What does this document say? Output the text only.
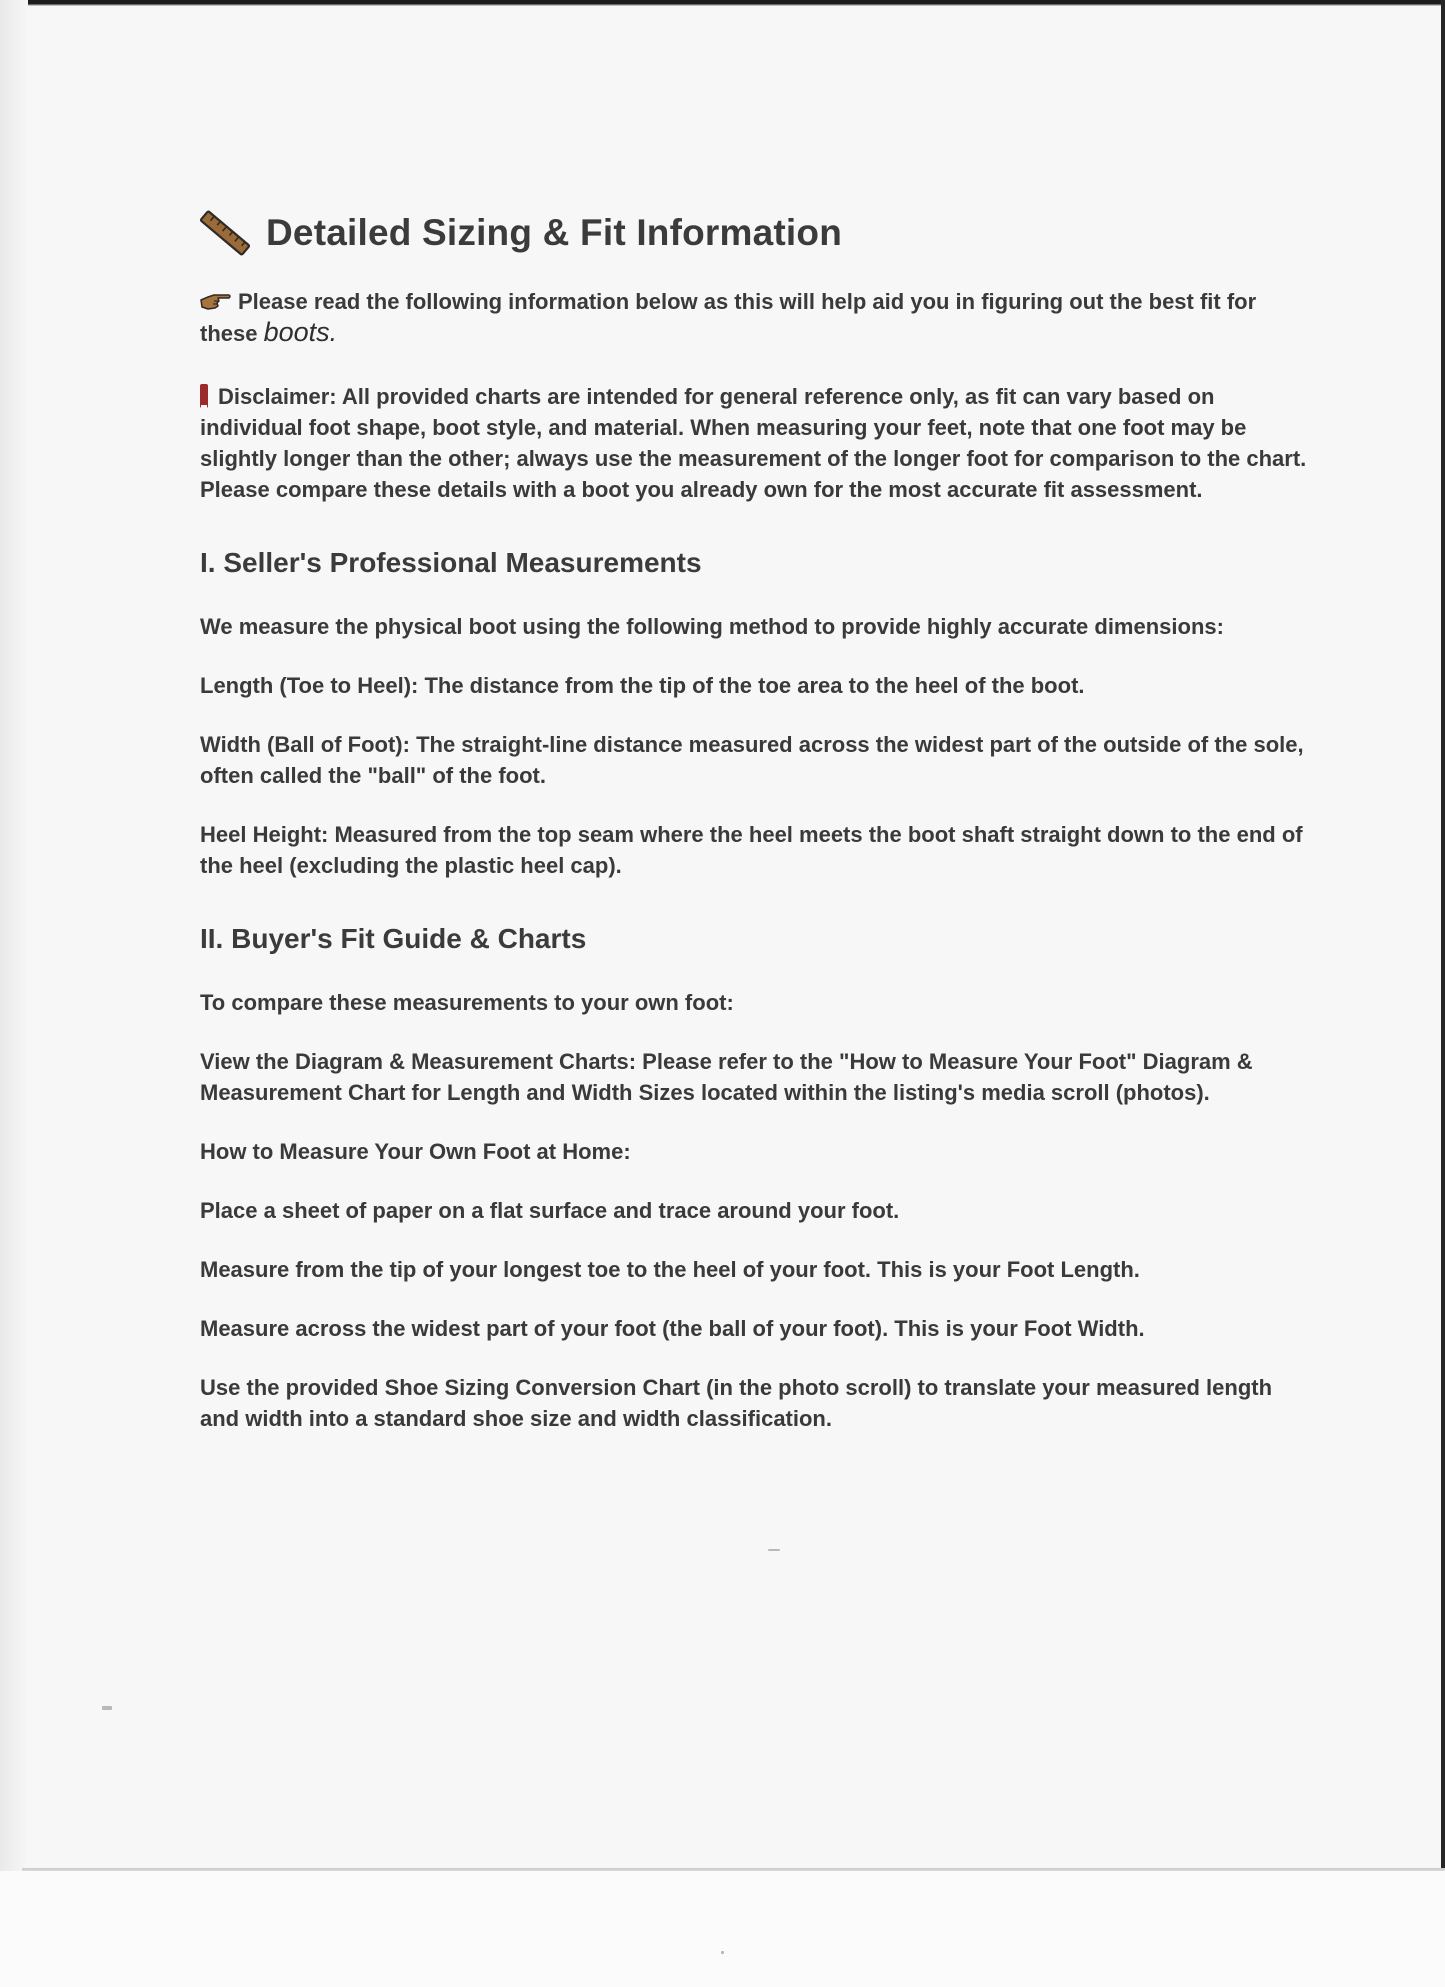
Detailed Sizing & Fit Information

Please read the following information below as this will help aid you in figuring out the best fit for these boots.

Disclaimer: All provided charts are intended for general reference only, as fit can vary based on individual foot shape, boot style, and material. When measuring your feet, note that one foot may be slightly longer than the other; always use the measurement of the longer foot for comparison to the chart. Please compare these details with a boot you already own for the most accurate fit assessment.

I. Seller's Professional Measurements

We measure the physical boot using the following method to provide highly accurate dimensions:

Length (Toe to Heel): The distance from the tip of the toe area to the heel of the boot.

Width (Ball of Foot): The straight-line distance measured across the widest part of the outside of the sole, often called the "ball" of the foot.

Heel Height: Measured from the top seam where the heel meets the boot shaft straight down to the end of the heel (excluding the plastic heel cap).

II. Buyer's Fit Guide & Charts

To compare these measurements to your own foot:

View the Diagram & Measurement Charts: Please refer to the "How to Measure Your Foot" Diagram & Measurement Chart for Length and Width Sizes located within the listing's media scroll (photos).

How to Measure Your Own Foot at Home:

Place a sheet of paper on a flat surface and trace around your foot.

Measure from the tip of your longest toe to the heel of your foot. This is your Foot Length.

Measure across the widest part of your foot (the ball of your foot). This is your Foot Width.

Use the provided Shoe Sizing Conversion Chart (in the photo scroll) to translate your measured length and width into a standard shoe size and width classification.
